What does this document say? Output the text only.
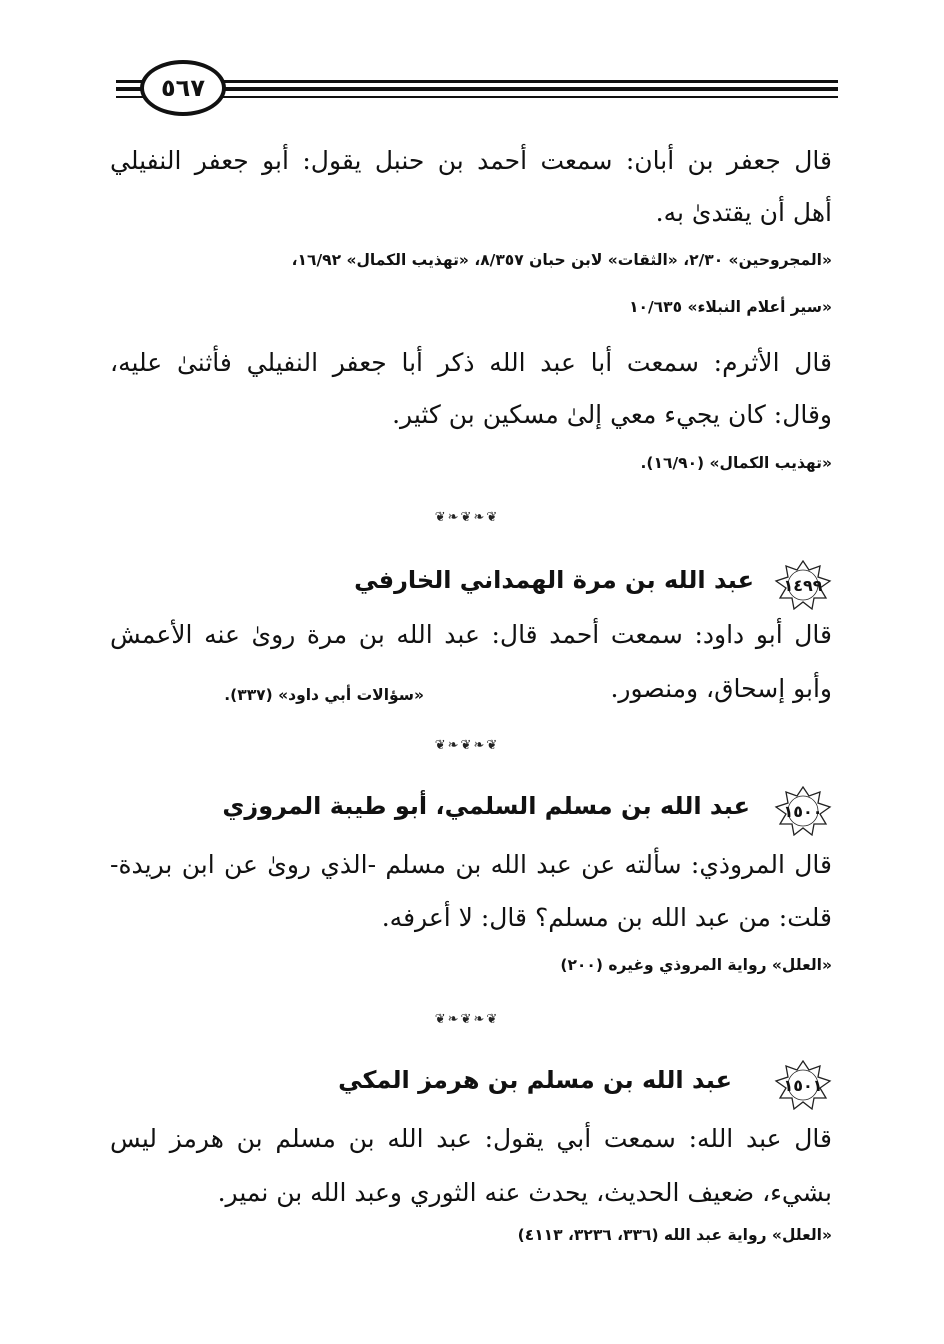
٥٦٧
قال جعفر بن أبان: سمعت أحمد بن حنبل يقول: أبو جعفر النفيلي
أهل أن يقتدىٰ به.
«المجروحين» ٢/٣٠، «الثقات» لابن حبان ٨/٣٥٧، «تهذيب الكمال» ١٦/٩٢،
«سير أعلام النبلاء» ١٠/٦٣٥
قال الأثرم: سمعت أبا عبد الله ذكر أبا جعفر النفيلي فأثنىٰ عليه،
وقال: كان يجيء معي إلىٰ مسكين بن كثير.
«تهذيب الكمال» (١٦/٩٠).
❦❧❦❧❦
١٤٩٩
عبد الله بن مرة الهمداني الخارفي
قال أبو داود: سمعت أحمد قال: عبد الله بن مرة روىٰ عنه الأعمش
وأبو إسحاق، ومنصور.
«سؤالات أبي داود» (٣٣٧).
❦❧❦❧❦
١٥٠٠
عبد الله بن مسلم السلمي، أبو طيبة المروزي
قال المروذي: سألته عن عبد الله بن مسلم -الذي روىٰ عن ابن بريدة-
قلت: من عبد الله بن مسلم؟ قال: لا أعرفه.
«العلل» رواية المروذي وغيره (٢٠٠)
❦❧❦❧❦
١٥٠١
عبد الله بن مسلم بن هرمز المكي
قال عبد الله: سمعت أبي يقول: عبد الله بن مسلم بن هرمز ليس
بشيء، ضعيف الحديث، يحدث عنه الثوري وعبد الله بن نمير.
«العلل» رواية عبد الله (٣٣٦، ٣٢٣٦، ٤١١٣)
